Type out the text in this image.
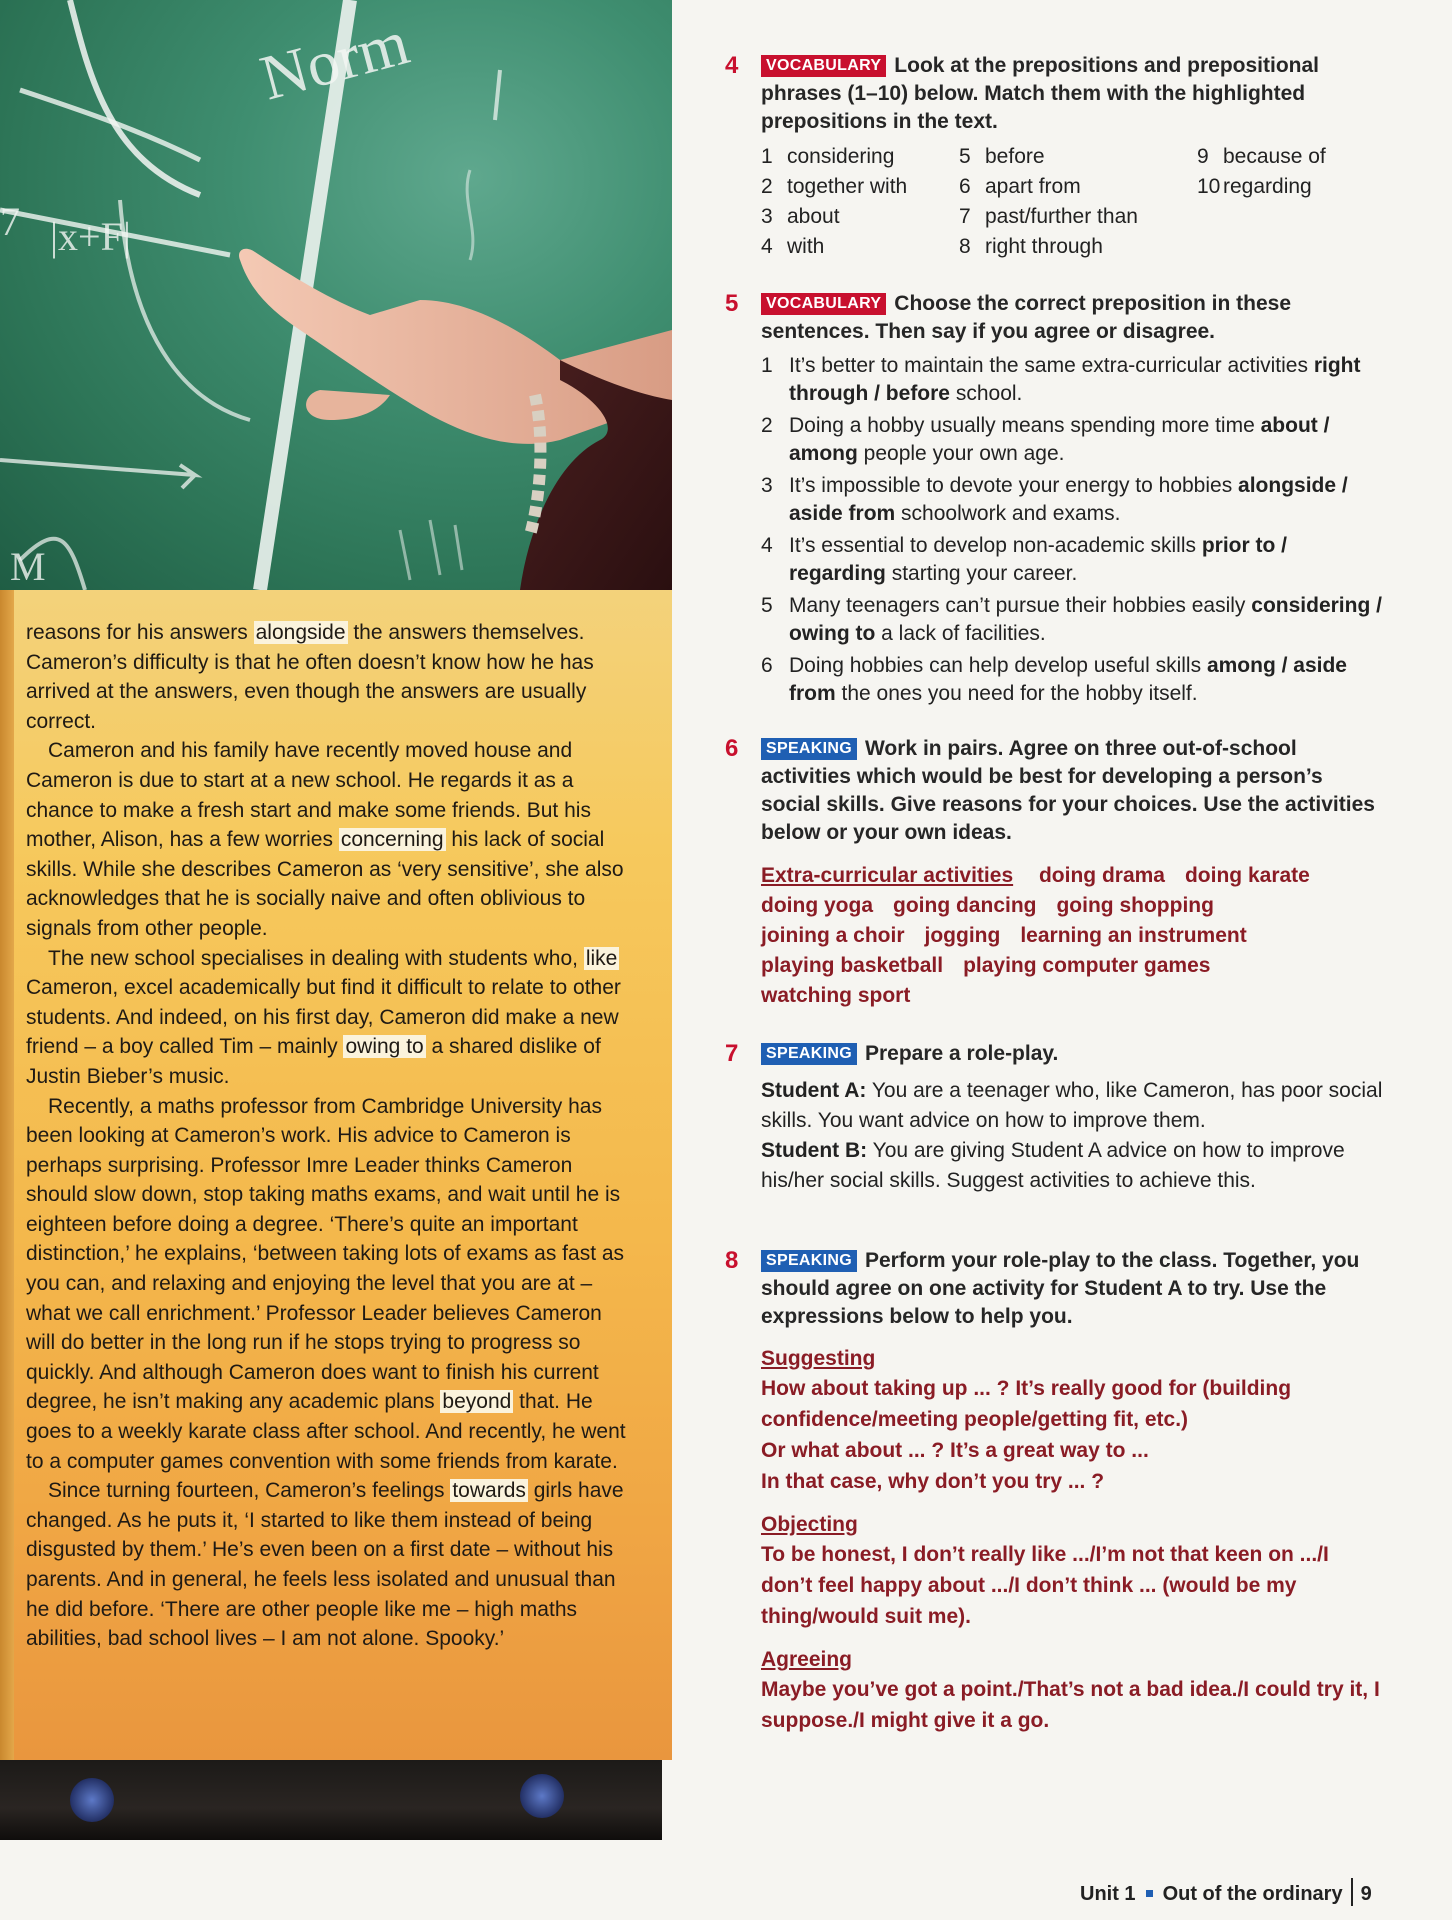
Norm
7 |x+F|
M

reasons for his answers alongside the answers themselves. Cameron’s difficulty is that he often doesn’t know how he has arrived at the answers, even though the answers are usually correct.

Cameron and his family have recently moved house and Cameron is due to start at a new school. He regards it as a chance to make a fresh start and make some friends. But his mother, Alison, has a few worries concerning his lack of social skills. While she describes Cameron as ‘very sensitive’, she also acknowledges that he is socially naive and often oblivious to signals from other people.

The new school specialises in dealing with students who, like Cameron, excel academically but find it difficult to relate to other students. And indeed, on his first day, Cameron did make a new friend – a boy called Tim – mainly owing to a shared dislike of Justin Bieber’s music.

Recently, a maths professor from Cambridge University has been looking at Cameron’s work. His advice to Cameron is perhaps surprising. Professor Imre Leader thinks Cameron should slow down, stop taking maths exams, and wait until he is eighteen before doing a degree. ‘There’s quite an important distinction,’ he explains, ‘between taking lots of exams as fast as you can, and relaxing and enjoying the level that you are at – what we call enrichment.’ Professor Leader believes Cameron will do better in the long run if he stops trying to progress so quickly. And although Cameron does want to finish his current degree, he isn’t making any academic plans beyond that. He goes to a weekly karate class after school. And recently, he went to a computer games convention with some friends from karate.

Since turning fourteen, Cameron’s feelings towards girls have changed. As he puts it, ‘I started to like them instead of being disgusted by them.’ He’s even been on a first date – without his parents. And in general, he feels less isolated and unusual than he did before. ‘There are other people like me – high maths abilities, bad school lives – I am not alone. Spooky.’

4	VOCABULARY Look at the prepositions and prepositional phrases (1–10) below. Match them with the highlighted prepositions in the text.
1 considering	5 before	9 because of
2 together with	6 apart from	10 regarding
3 about	7 past/further than
4 with	8 right through
5	VOCABULARY Choose the correct preposition in these sentences. Then say if you agree or disagree.
1 It’s better to maintain the same extra-curricular activities right through / before school.
2 Doing a hobby usually means spending more time about / among people your own age.
3 It’s impossible to devote your energy to hobbies alongside / aside from schoolwork and exams.
4 It’s essential to develop non-academic skills prior to / regarding starting your career.
5 Many teenagers can’t pursue their hobbies easily considering / owing to a lack of facilities.
6 Doing hobbies can help develop useful skills among / aside from the ones you need for the hobby itself.
6	SPEAKING Work in pairs. Agree on three out-of-school activities which would be best for developing a person’s social skills. Give reasons for your choices. Use the activities below or your own ideas.
Extra-curricular activities doing drama doing karatedoing yoga going dancing going shoppingjoining a choir jogging learning an instrumentplaying basketball playing computer gameswatching sport
7	SPEAKING Prepare a role-play.
Student A: You are a teenager who, like Cameron, has poor social skills. You want advice on how to improve them.
Student B: You are giving Student A advice on how to improve his/her social skills. Suggest activities to achieve this.
8	SPEAKING Perform your role-play to the class. Together, you should agree on one activity for Student A to try. Use the expressions below to help you.
Suggesting
How about taking up ... ? It’s really good for (building confidence/meeting people/getting fit, etc.)
Or what about ... ? It’s a great way to ...
In that case, why don’t you try ... ?
Objecting
To be honest, I don’t really like .../I’m not that keen on .../I don’t feel happy about .../I don’t think ... (would be my thing/would suit me).
Agreeing
Maybe you’ve got a point./That’s not a bad idea./I could try it, I suppose./I might give it a go.
Unit 1 Out of the ordinary 9
